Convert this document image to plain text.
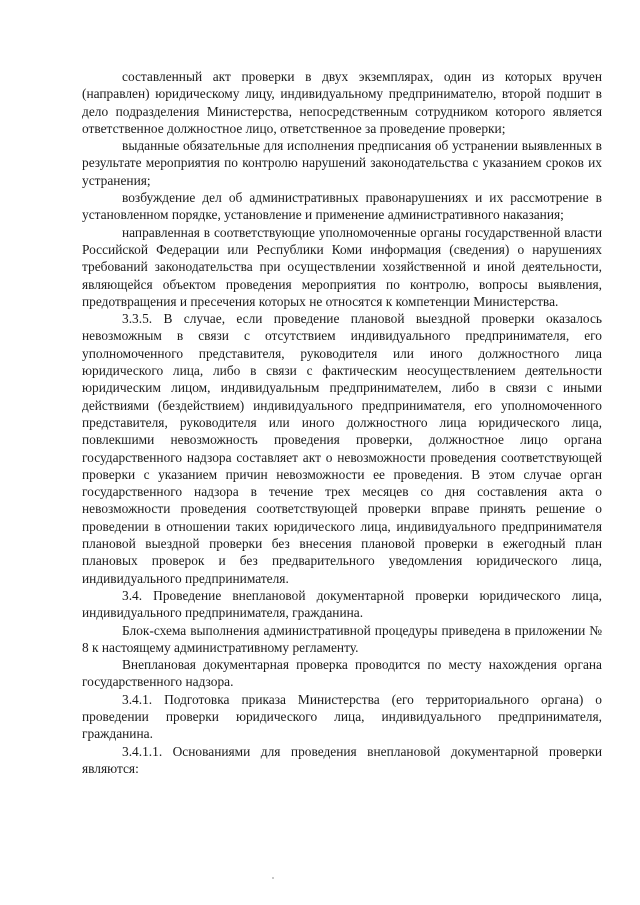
составленный акт проверки в двух экземплярах, один из которых вручен (направлен) юридическому лицу, индивидуальному предпринимателю, второй подшит в дело подразделения Министерства, непосредственным сотрудником которого является ответственное должностное лицо, ответственное за проведение проверки;

выданные обязательные для исполнения предписания об устранении выявленных в результате мероприятия по контролю нарушений законодательства с указанием сроков их устранения;

возбуждение дел об административных правонарушениях и их рассмотрение в установленном порядке, установление и применение административного наказания;

направленная в соответствующие уполномоченные органы государственной власти Российской Федерации или Республики Коми информация (сведения) о нарушениях требований законодательства при осуществлении хозяйственной и иной деятельности, являющейся объектом проведения мероприятия по контролю, вопросы выявления, предотвращения и пресечения которых не относятся к компетенции Министерства.

3.3.5. В случае, если проведение плановой выездной проверки оказалось невозможным в связи с отсутствием индивидуального предпринимателя, его уполномоченного представителя, руководителя или иного должностного лица юридического лица, либо в связи с фактическим неосуществлением деятельности юридическим лицом, индивидуальным предпринимателем, либо в связи с иными действиями (бездействием) индивидуального предпринимателя, его уполномоченного представителя, руководителя или иного должностного лица юридического лица, повлекшими невозможность проведения проверки, должностное лицо органа государственного надзора составляет акт о невозможности проведения соответствующей проверки с указанием причин невозможности ее проведения. В этом случае орган государственного надзора в течение трех месяцев со дня составления акта о невозможности проведения соответствующей проверки вправе принять решение о проведении в отношении таких юридического лица, индивидуального предпринимателя плановой выездной проверки без внесения плановой проверки в ежегодный план плановых проверок и без предварительного уведомления юридического лица, индивидуального предпринимателя.

3.4. Проведение внеплановой документарной проверки юридического лица, индивидуального предпринимателя, гражданина.

Блок-схема выполнения административной процедуры приведена в приложении № 8 к настоящему административному регламенту.

Внеплановая документарная проверка проводится по месту нахождения органа государственного надзора.

3.4.1. Подготовка приказа Министерства (его территориального органа) о проведении проверки юридического лица, индивидуального предпринимателя, гражданина.

3.4.1.1. Основаниями для проведения внеплановой документарной проверки являются:
